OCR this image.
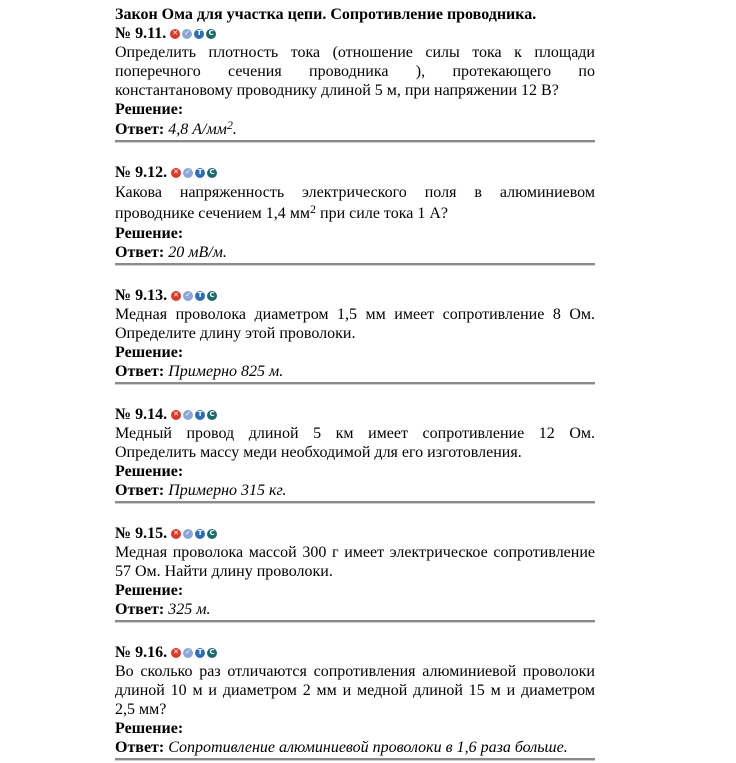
Закон Ома для участка цепи. Сопротивление проводника.
№ 9.11. ✕ ✓ T	C
Определить плотность тока (отношение силы тока к площади поперечного сечения проводника ), протекающего по константановому проводнику длиной 5 м, при напряжении 12 В?
Решение:
Ответ: 4,8 $А/мм^2$.
№ 9.12. ✕ ✓ T	C
Какова напряженность электрического поля в алюминиевом проводнике сечением 1,4 $мм^2$ при силе тока 1 А?
Решение:
Ответ: 20 мВ/м.
№ 9.13. ✕ ✓ T	C
Медная проволока диаметром 1,5 мм имеет сопротивление 8 Ом. Определите длину этой проволоки.
Решение:
Ответ: Примерно 825 м.
№ 9.14. ✕ ✓ T	C
Медный провод длиной 5 км имеет сопротивление 12 Ом. Определить массу меди необходимой для его изготовления.
Решение:
Ответ: Примерно 315 кг.
№ 9.15. ✕ ✓ T	C
Медная проволока массой 300 г имеет электрическое сопротивление 57 Ом. Найти длину проволоки.
Решение:
Ответ: 325 м.
№ 9.16. ✕ ✓ T	C
Во сколько раз отличаются сопротивления алюминиевой проволоки длиной 10 м и диаметром 2 мм и медной длиной 15 м и диаметром 2,5 мм?
Решение:
Ответ: Сопротивление алюминиевой проволоки в 1,6 раза больше.
